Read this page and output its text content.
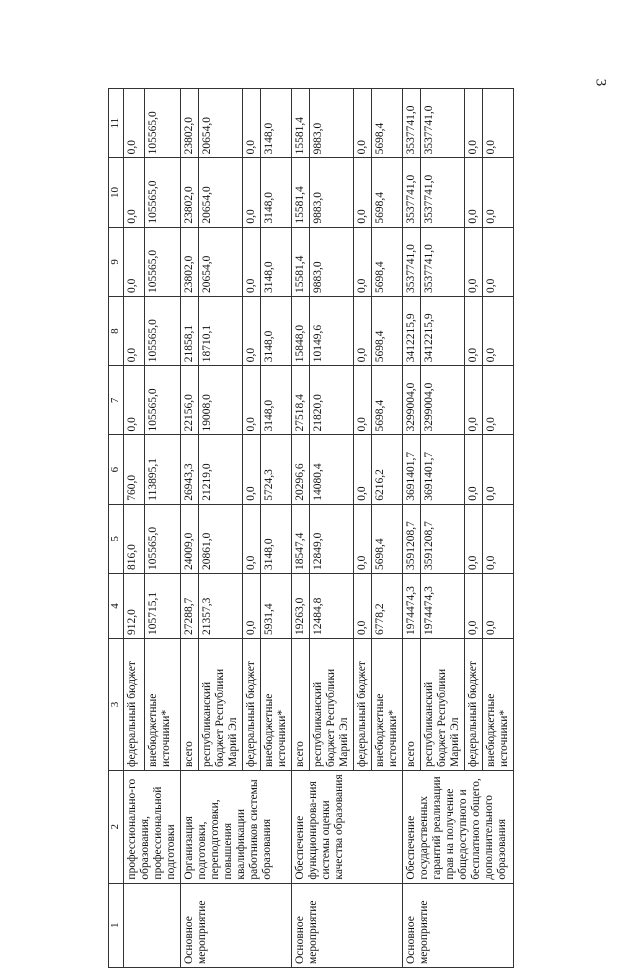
3
1	2	3	4	5	6	7	8	9	10	11
	профессионально-го образования, профессиональной подготовки	федеральный бюджет	912,0	816,0	760,0	0,0	0,0	0,0	0,0	0,0
		внебюджетные источники*	105715,1	105565,0	113895,1	105565,0	105565,0	105565,0	105565,0	105565,0
Основное мероприятие	Организация подготовки, переподготовки, повышения квалификации работников системы образования	всего	27288,7	24009,0	26943,3	22156,0	21858,1	23802,0	23802,0	23802,0
		республиканский бюджет Республики Марий Эл	21357,3	20861,0	21219,0	19008,0	18710,1	20654,0	20654,0	20654,0
		федеральный бюджет	0,0	0,0	0,0	0,0	0,0	0,0	0,0	0,0
		внебюджетные источники*	5931,4	3148,0	5724,3	3148,0	3148,0	3148,0	3148,0	3148,0
Основное мероприятие	Обеспечение функционирова-ния системы оценки качества образования	всего	19263,0	18547,4	20296,6	27518,4	15848,0	15581,4	15581,4	15581,4
		республиканский бюджет Республики Марий Эл	12484,8	12849,0	14080,4	21820,0	10149,6	9883,0	9883,0	9883,0
		федеральный бюджет	0,0	0,0	0,0	0,0	0,0	0,0	0,0	0,0
		внебюджетные источники*	6778,2	5698,4	6216,2	5698,4	5698,4	5698,4	5698,4	5698,4
Основное мероприятие	Обеспечение государственных гарантий реализации прав на получение общедоступного и бесплатного общего, дополнительного образования	всего	1974474,3	3591208,7	3691401,7	3299004,0	3412215,9	3537741,0	3537741,0	3537741,0
		республиканский бюджет Республики Марий Эл	1974474,3	3591208,7	3691401,7	3299004,0	3412215,9	3537741,0	3537741,0	3537741,0
		федеральный бюджет	0,0	0,0	0,0	0,0	0,0	0,0	0,0	0,0
		внебюджетные источники*	0,0	0,0	0,0	0,0	0,0	0,0	0,0	0,0
